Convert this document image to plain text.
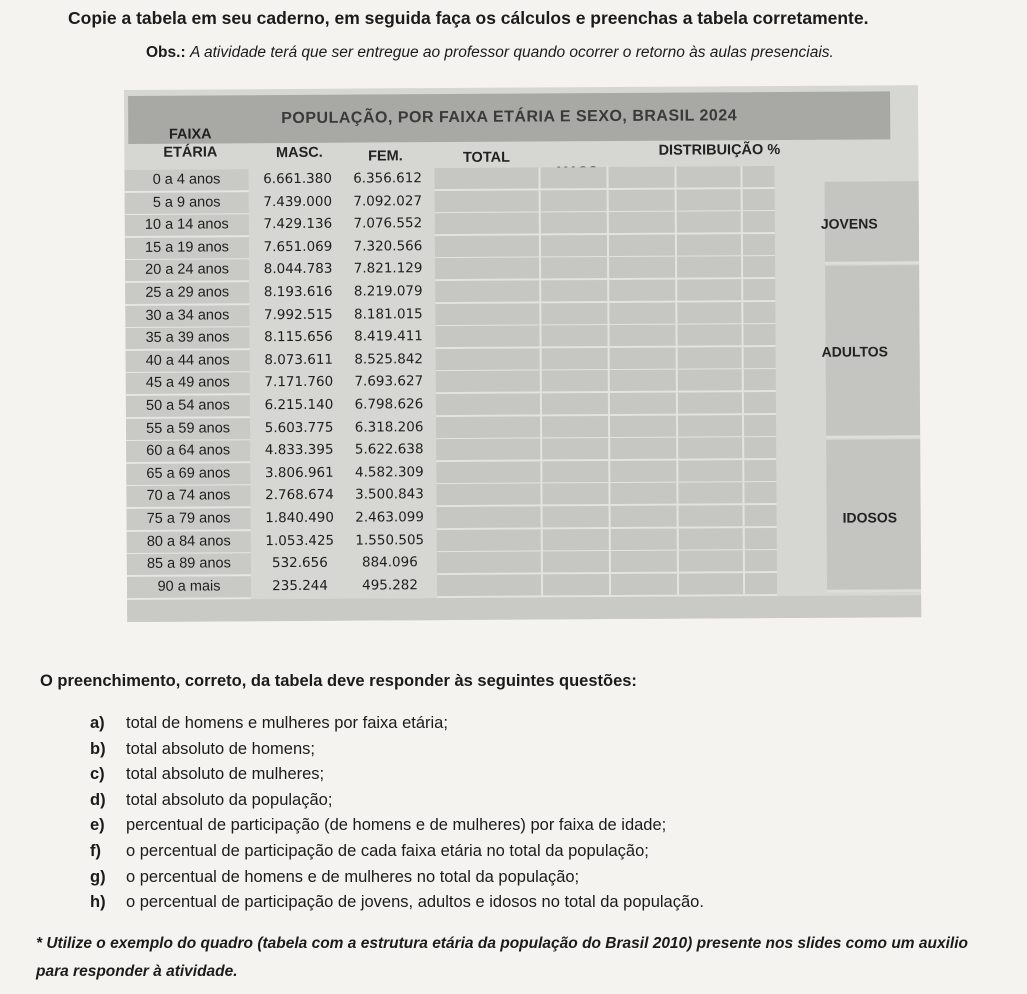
Copie a tabela em seu caderno, em seguida faça os cálculos e preenchas a tabela corretamente.
Obs.: A atividade terá que ser entregue ao professor quando ocorrer o retorno às aulas presenciais.
POPULAÇÃO, POR FAIXA ETÁRIA E SEXO, BRASIL 2024
FAIXA
ETÁRIA	MASC.	FEM.	TOTAL	DISTRIBUIÇÃO %
JOVENS
ADULTOS
IDOSOS
0 a 4 anos	6.661.380	6.356.612
5 a 9 anos	7.439.000	7.092.027
10 a 14 anos	7.429.136	7.076.552
15 a 19 anos	7.651.069	7.320.566
20 a 24 anos	8.044.783	7.821.129
25 a 29 anos	8.193.616	8.219.079
30 a 34 anos	7.992.515	8.181.015
35 a 39 anos	8.115.656	8.419.411
40 a 44 anos	8.073.611	8.525.842
45 a 49 anos	7.171.760	7.693.627
50 a 54 anos	6.215.140	6.798.626
55 a 59 anos	5.603.775	6.318.206
60 a 64 anos	4.833.395	5.622.638
65 a 69 anos	3.806.961	4.582.309
70 a 74 anos	2.768.674	3.500.843
75 a 79 anos	1.840.490	2.463.099
80 a 84 anos	1.053.425	1.550.505
85 a 89 anos	532.656	884.096
90 a mais	235.244	495.282
O preenchimento, correto, da tabela deve responder às seguintes questões:
a) total de homens e mulheres por faixa etária;
b) total absoluto de homens;
c) total absoluto de mulheres;
d) total absoluto da população;
e) percentual de participação (de homens e de mulheres) por faixa de idade;
f) o percentual de participação de cada faixa etária no total da população;
g) o percentual de homens e de mulheres no total da população;
h) o percentual de participação de jovens, adultos e idosos no total da população.
* Utilize o exemplo do quadro (tabela com a estrutura etária da população do Brasil 2010) presente nos slides como um auxilio para responder à atividade.
